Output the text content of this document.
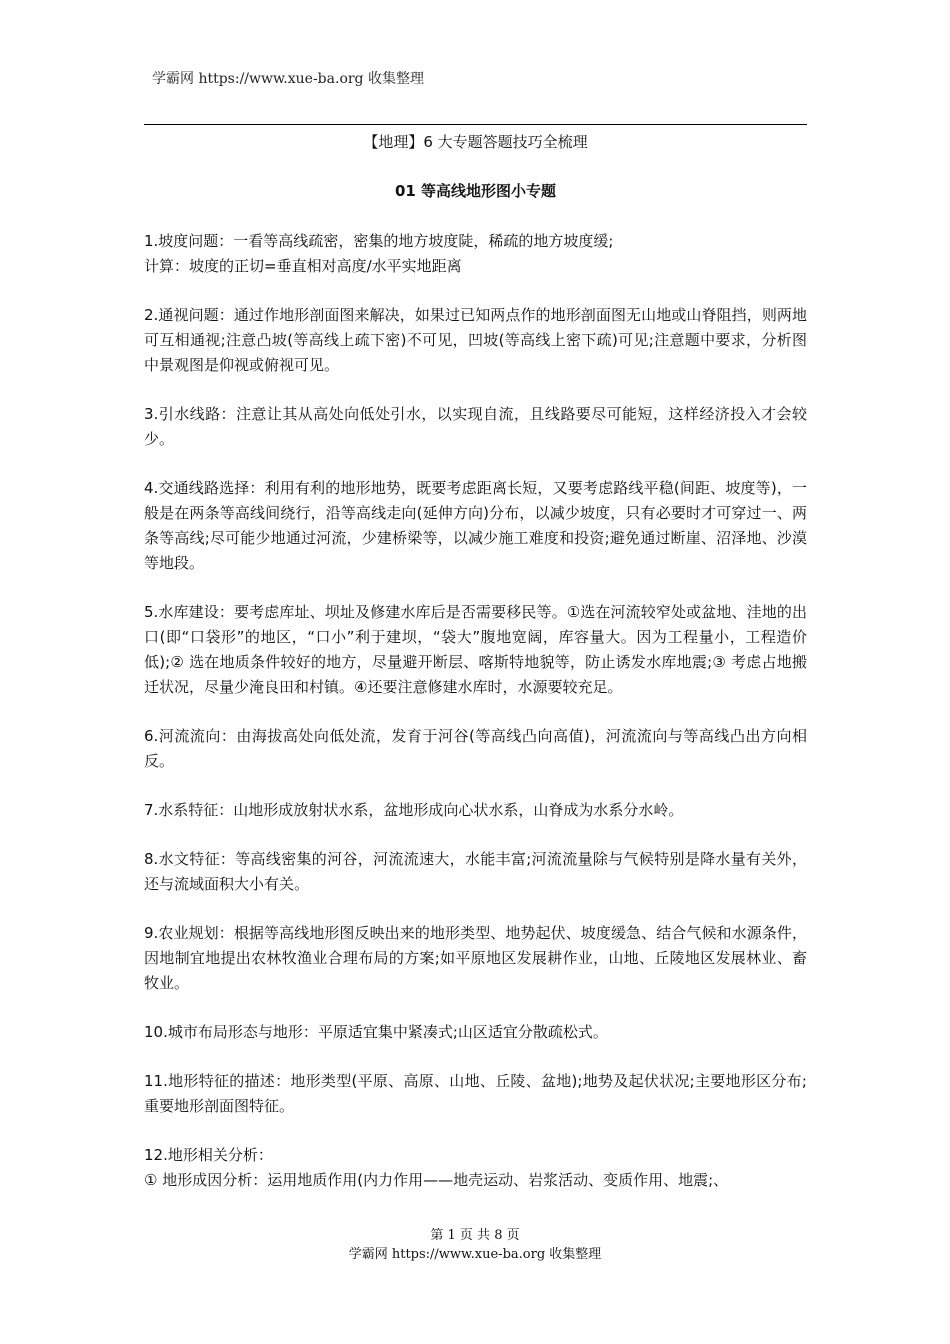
学霸网 https://www.xue-ba.org 收集整理
【地理】6 大专题答题技巧全梳理
01 等高线地形图小专题

1.坡度问题：一看等高线疏密，密集的地方坡度陡，稀疏的地方坡度缓;

计算：坡度的正切=垂直相对高度/水平实地距离

2.通视问题：通过作地形剖面图来解决，如果过已知两点作的地形剖面图无山地或山脊阻挡，则两地可互相通视;注意凸坡(等高线上疏下密)不可见，凹坡(等高线上密下疏)可见;注意题中要求，分析图中景观图是仰视或俯视可见。

3.引水线路：注意让其从高处向低处引水，以实现自流，且线路要尽可能短，这样经济投入才会较少。

4.交通线路选择：利用有利的地形地势，既要考虑距离长短，又要考虑路线平稳(间距、坡度等)，一般是在两条等高线间绕行，沿等高线走向(延伸方向)分布，以减少坡度，只有必要时才可穿过一、两条等高线;尽可能少地通过河流，少建桥梁等，以减少施工难度和投资;避免通过断崖、沼泽地、沙漠等地段。

5.水库建设：要考虑库址、坝址及修建水库后是否需要移民等。①选在河流较窄处或盆地、洼地的出口(即“口袋形”的地区，“口小”利于建坝，“袋大”腹地宽阔，库容量大。因为工程量小，工程造价低);② 选在地质条件较好的地方，尽量避开断层、喀斯特地貌等，防止诱发水库地震;③ 考虑占地搬迁状况，尽量少淹良田和村镇。④还要注意修建水库时，水源要较充足。

6.河流流向：由海拔高处向低处流，发育于河谷(等高线凸向高值)，河流流向与等高线凸出方向相反。

7.水系特征：山地形成放射状水系，盆地形成向心状水系，山脊成为水系分水岭。

8.水文特征：等高线密集的河谷，河流流速大，水能丰富;河流流量除与气候特别是降水量有关外，还与流域面积大小有关。

9.农业规划：根据等高线地形图反映出来的地形类型、地势起伏、坡度缓急、结合气候和水源条件，因地制宜地提出农林牧渔业合理布局的方案;如平原地区发展耕作业，山地、丘陵地区发展林业、畜牧业。

10.城市布局形态与地形：平原适宜集中紧凑式;山区适宜分散疏松式。

11.地形特征的描述：地形类型(平原、高原、山地、丘陵、盆地);地势及起伏状况;主要地形区分布;重要地形剖面图特征。

12.地形相关分析：

① 地形成因分析：运用地质作用(内力作用——地壳运动、岩浆活动、变质作用、地震;、

第 1 页 共 8 页
学霸网 https://www.xue-ba.org 收集整理
